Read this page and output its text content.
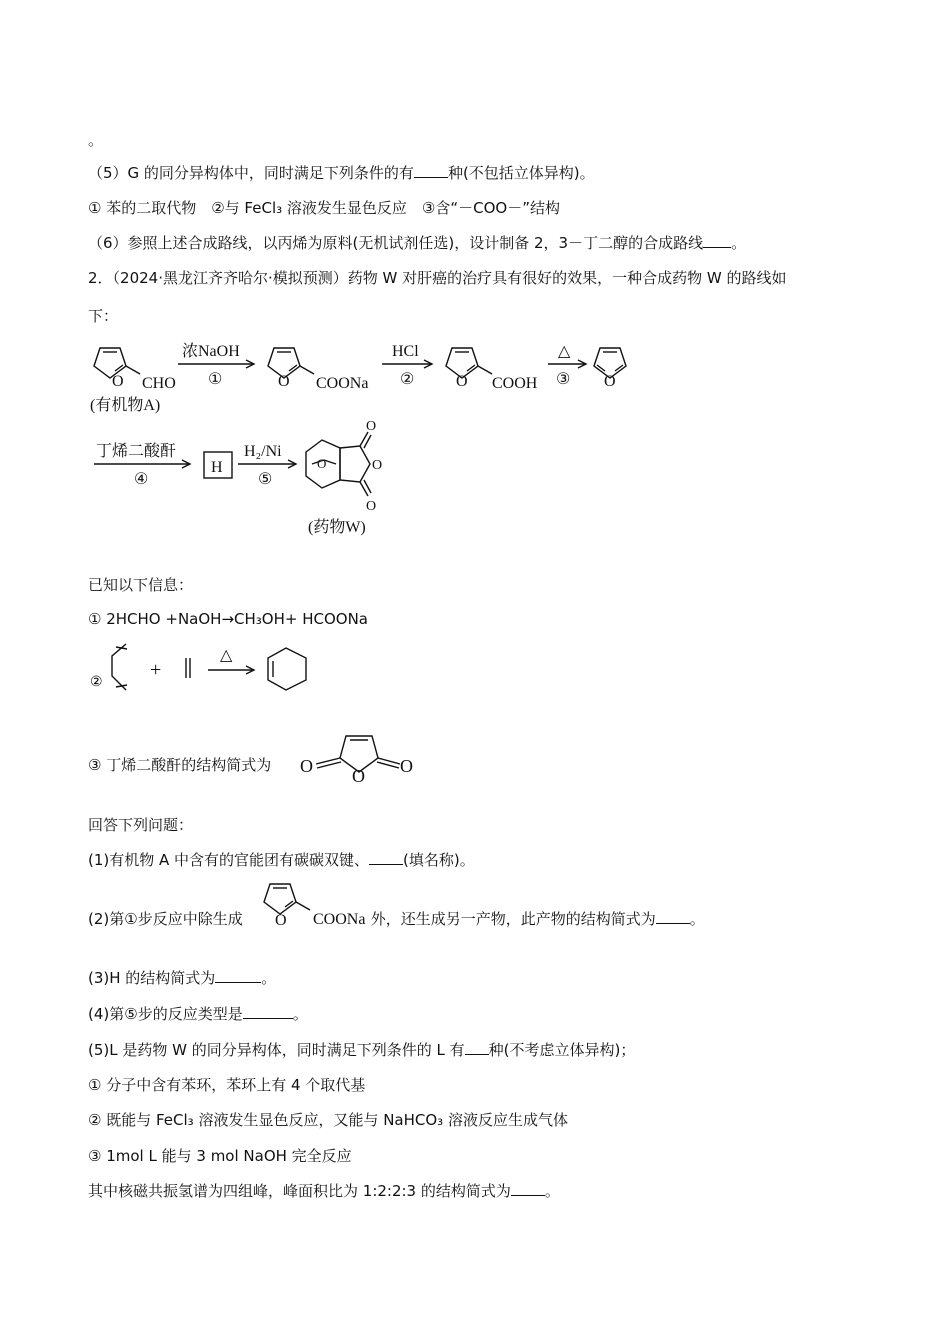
。
（5）G 的同分异构体中，同时满足下列条件的有 种(不包括立体异构)。
① 苯的二取代物　②与 FeCl₃ 溶液发生显色反应　③含“－COO－”结构
（6）参照上述合成路线，以丙烯为原料(无机试剂任选)，设计制备 2，3－丁二醇的合成路线 。
2．（2024·黑龙江齐齐哈尔·模拟预测）药物 W 对肝癌的治疗具有很好的效果，一种合成药物 W 的路线如
下：
O CHO
(有机物A)
浓NaOH
①	O COONa
HCl
②	O COOH
△
③ O
丁烯二酸酐
④
H
H₂/Ni
⑤
O
O
O
O
(药物W)
已知以下信息：
① 2HCHO +NaOH→CH₃OH+ HCOONa
②
+
△
③ 丁烯二酸酐的结构简式为 O O O
回答下列问题：
(1)有机物 A 中含有的官能团有碳碳双键、 (填名称)。
(2)第①步反应中除生成	外，还生成另一产物，此产物的结构简式为 。
O COONa
(3)H 的结构简式为	。
(4)第⑤步的反应类型是	。
(5)L 是药物 W 的同分异构体，同时满足下列条件的 L 有 种(不考虑立体异构)；
① 分子中含有苯环，苯环上有 4 个取代基
② 既能与 FeCl₃ 溶液发生显色反应，又能与 NaHCO₃ 溶液反应生成气体
③ 1mol L 能与 3 mol NaOH 完全反应
其中核磁共振氢谱为四组峰，峰面积比为 1:2:2:3 的结构简式为 。
